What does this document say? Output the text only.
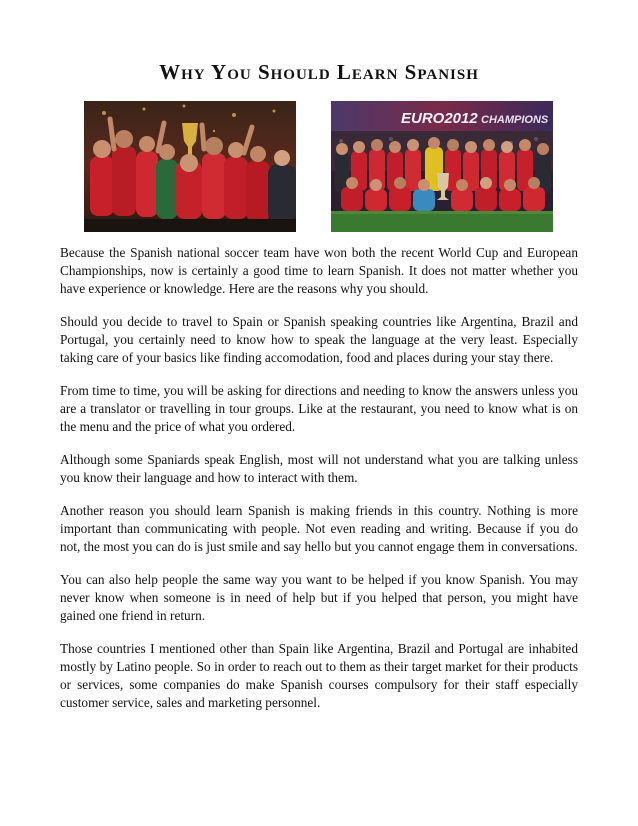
Why You Should Learn Spanish
EURO2012 CHAMPIONS

Because the Spanish national soccer team have won both the recent World Cup and European Championships, now is certainly a good time to learn Spanish. It does not matter whether you have experience or knowledge. Here are the reasons why you should.

Should you decide to travel to Spain or Spanish speaking countries like Argentina, Brazil and Portugal, you certainly need to know how to speak the language at the very least. Especially taking care of your basics like finding accomodation, food and places during your stay there.

From time to time, you will be asking for directions and needing to know the answers unless you are a translator or travelling in tour groups. Like at the restaurant, you need to know what is on the menu and the price of what you ordered.

Although some Spaniards speak English, most will not understand what you are talking unless you know their language and how to interact with them.

Another reason you should learn Spanish is making friends in this country. Nothing is more important than communicating with people. Not even reading and writing. Because if you do not, the most you can do is just smile and say hello but you cannot engage them in conversations.

You can also help people the same way you want to be helped if you know Spanish. You may never know when someone is in need of help but if you helped that person, you might have gained one friend in return.

Those countries I mentioned other than Spain like Argentina, Brazil and Portugal are inhabited mostly by Latino people. So in order to reach out to them as their target market for their products or services, some companies do make Spanish courses compulsory for their staff especially customer service, sales and marketing personnel.
